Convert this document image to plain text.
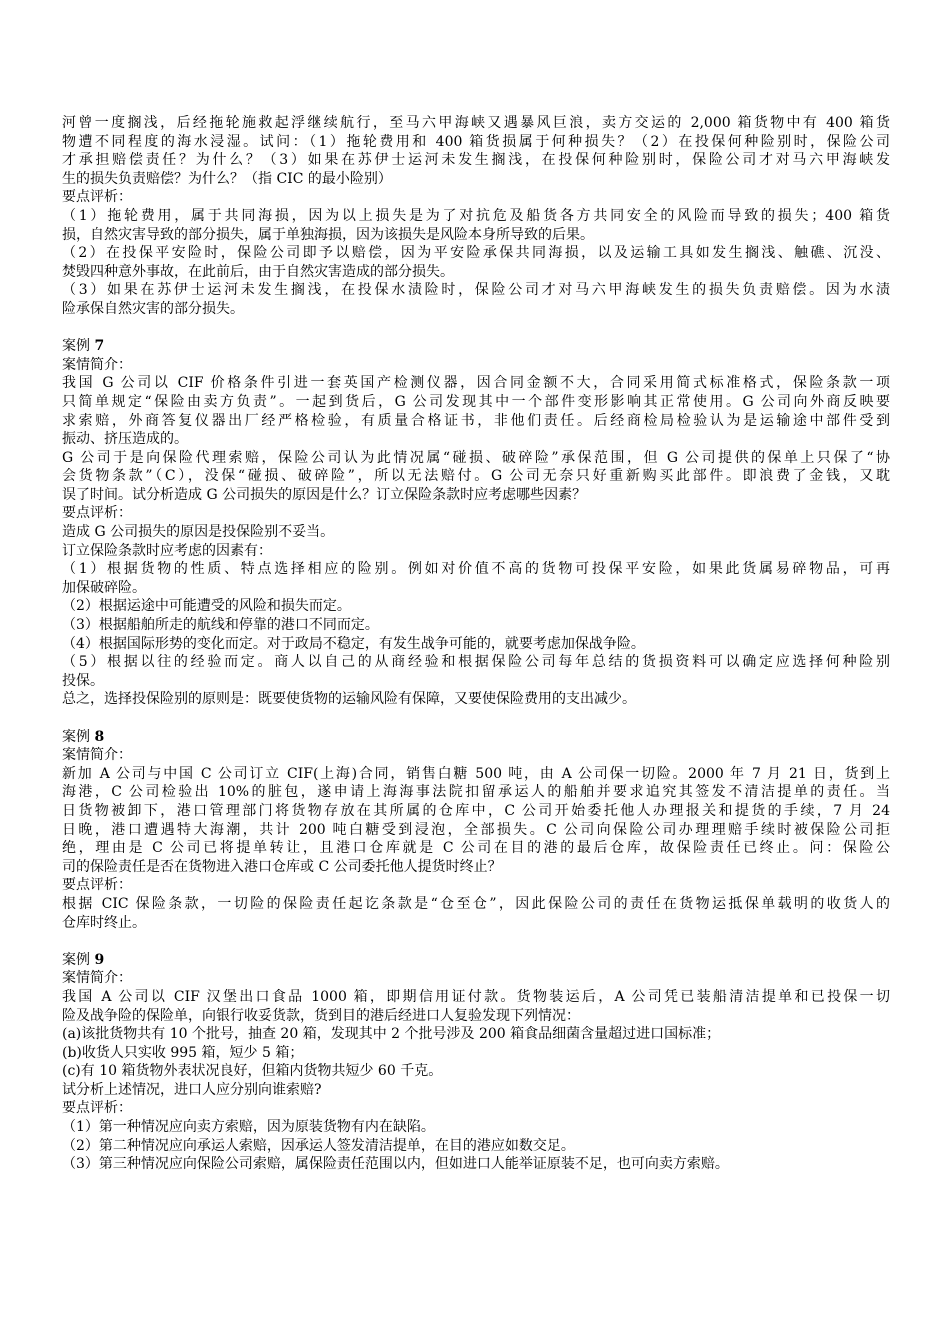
河曾一度搁浅，后经拖轮施救起浮继续航行，至马六甲海峡又遇暴风巨浪，卖方交运的 2,000 箱货物中有 400 箱货
物遭不同程度的海水浸湿。试问：（1）拖轮费用和 400 箱货损属于何种损失？（2）在投保何种险别时，保险公司
才承担赔偿责任？为什么？（3）如果在苏伊士运河未发生搁浅，在投保何种险别时，保险公司才对马六甲海峡发
生的损失负责赔偿？为什么？（指 CIC 的最小险别）
要点评析：
（1）拖轮费用，属于共同海损，因为以上损失是为了对抗危及船货各方共同安全的风险而导致的损失；400 箱货
损，自然灾害导致的部分损失，属于单独海损，因为该损失是风险本身所导致的后果。
（2）在投保平安险时，保险公司即予以赔偿，因为平安险承保共同海损，以及运输工具如发生搁浅、触礁、沉没、
焚毁四种意外事故，在此前后，由于自然灾害造成的部分损失。
（3）如果在苏伊士运河未发生搁浅，在投保水渍险时，保险公司才对马六甲海峡发生的损失负责赔偿。因为水渍
险承保自然灾害的部分损失。
案例 7
案情简介：
我国 G 公司以 CIF 价格条件引进一套英国产检测仪器，因合同金额不大，合同采用简式标准格式，保险条款一项
只简单规定“保险由卖方负责”。一起到货后，G 公司发现其中一个部件变形影响其正常使用。G 公司向外商反映要
求索赔，外商答复仪器出厂经严格检验，有质量合格证书，非他们责任。后经商检局检验认为是运输途中部件受到
振动、挤压造成的。
G 公司于是向保险代理索赔，保险公司认为此情况属“碰损、破碎险”承保范围，但 G 公司提供的保单上只保了“协
会货物条款”（C），没保“碰损、破碎险”，所以无法赔付。G 公司无奈只好重新购买此部件。即浪费了金钱，又耽
误了时间。试分析造成 G 公司损失的原因是什么？订立保险条款时应考虑哪些因素？
要点评析：
造成 G 公司损失的原因是投保险别不妥当。
订立保险条款时应考虑的因素有：
（1）根据货物的性质、特点选择相应的险别。例如对价值不高的货物可投保平安险，如果此货属易碎物品，可再
加保破碎险。
（2）根据运途中可能遭受的风险和损失而定。
（3）根据船舶所走的航线和停靠的港口不同而定。
（4）根据国际形势的变化而定。对于政局不稳定，有发生战争可能的，就要考虑加保战争险。
（5）根据以往的经验而定。商人以自己的从商经验和根据保险公司每年总结的货损资料可以确定应选择何种险别
投保。
总之，选择投保险别的原则是：既要使货物的运输风险有保障，又要使保险费用的支出减少。
案例 8
案情简介：
新加 A 公司与中国 C 公司订立 CIF(上海)合同，销售白糖 500 吨，由 A 公司保一切险。2000 年 7 月 21 日，货到上
海港，C 公司检验出 10%的脏包，遂申请上海海事法院扣留承运人的船舶并要求追究其签发不清洁提单的责任。当
日货物被卸下，港口管理部门将货物存放在其所属的仓库中，C 公司开始委托他人办理报关和提货的手续，7 月 24
日晚，港口遭遇特大海潮，共计 200 吨白糖受到浸泡，全部损失。C 公司向保险公司办理理赔手续时被保险公司拒
绝，理由是 C 公司已将提单转让，且港口仓库就是 C 公司在目的港的最后仓库，故保险责任已终止。问：保险公
司的保险责任是否在货物进入港口仓库或 C 公司委托他人提货时终止？
要点评析：
根据 CIC 保险条款，一切险的保险责任起讫条款是“仓至仓”，因此保险公司的责任在货物运抵保单载明的收货人的
仓库时终止。
案例 9
案情简介：
我国 A 公司以 CIF 汉堡出口食品 1000 箱，即期信用证付款。货物装运后，A 公司凭已装船清洁提单和已投保一切
险及战争险的保险单，向银行收妥货款，货到目的港后经进口人复验发现下列情况：
(a)该批货物共有 10 个批号，抽查 20 箱，发现其中 2 个批号涉及 200 箱食品细菌含量超过进口国标准；
(b)收货人只实收 995 箱，短少 5 箱；
(c)有 10 箱货物外表状况良好，但箱内货物共短少 60 千克。
试分析上述情况，进口人应分别向谁索赔?
要点评析：
（1）第一种情况应向卖方索赔，因为原装货物有内在缺陷。
（2）第二种情况应向承运人索赔，因承运人签发清洁提单，在目的港应如数交足。
（3）第三种情况应向保险公司索赔，属保险责任范围以内，但如进口人能举证原装不足，也可向卖方索赔。
